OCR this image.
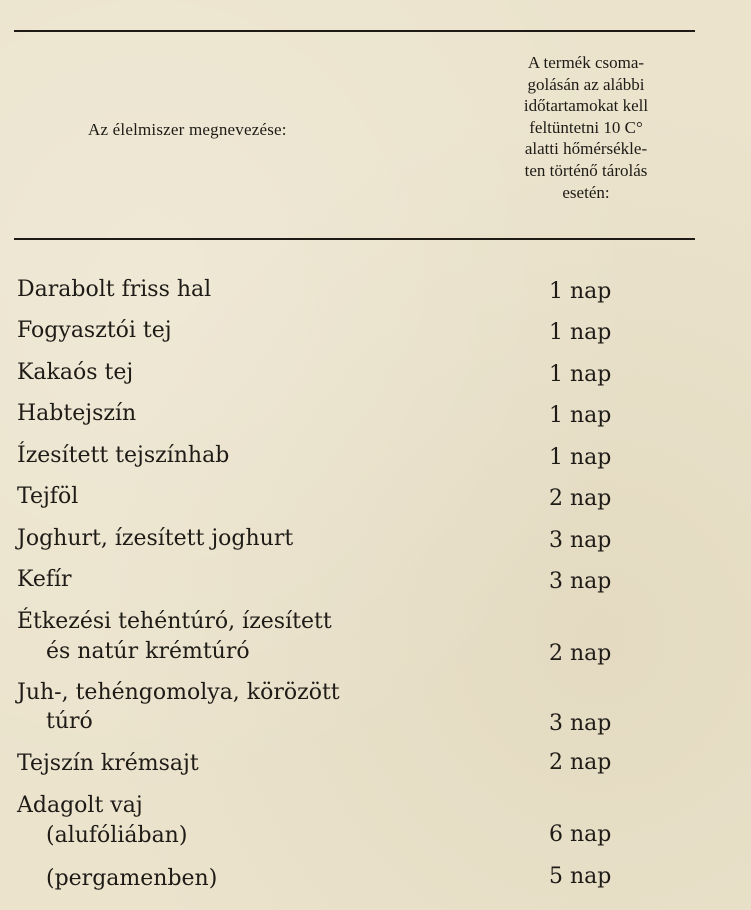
Az élelmiszer megnevezése:
A termék csoma-
golásán az alábbi
időtartamokat kell
feltüntetni 10 C°
alatti hőmérsékle-
ten történő tárolás
esetén:
Darabolt friss hal	1 nap
Fogyasztói tej	1 nap
Kakaós tej	1 nap
Habtejszín	1 nap
Ízesített tejszínhab	1 nap
Tejföl	2 nap
Joghurt, ízesített joghurt	3 nap
Kefír	3 nap
Étkezési tehéntúró, ízesített
és natúr krémtúró	2 nap
Juh-, tehéngomolya, körözött
túró	3 nap
Tejszín krémsajt	2 nap
Adagolt vaj
(alufóliában)	6 nap
(pergamenben)	5 nap
